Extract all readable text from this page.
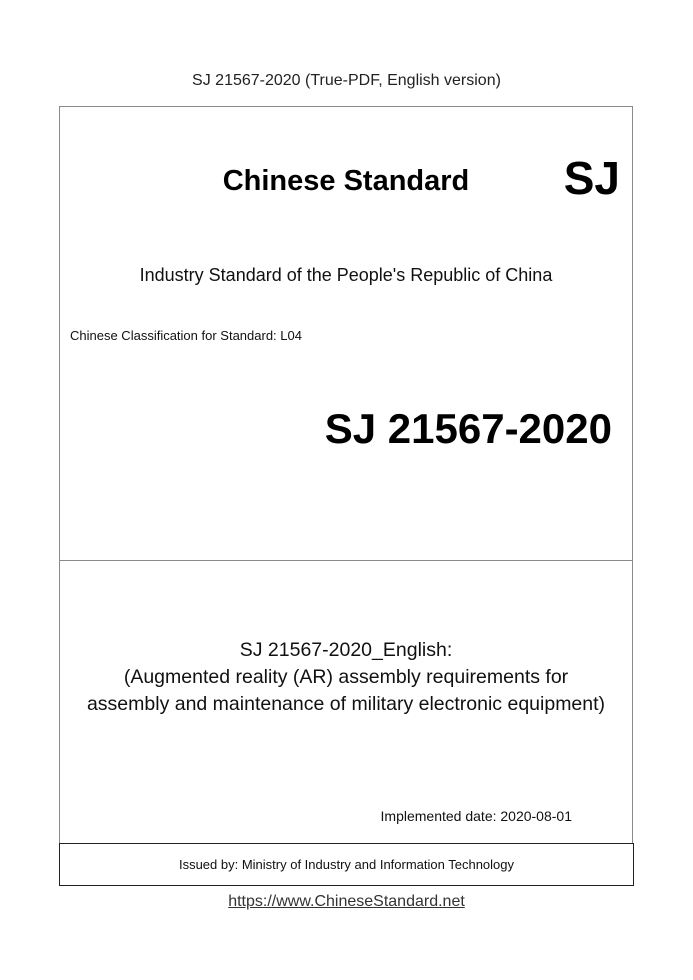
SJ 21567-2020 (True-PDF, English version)
Chinese Standard	SJ
Industry Standard of the People's Republic of China
Chinese Classification for Standard: L04
SJ 21567-2020
SJ 21567-2020_English:
(Augmented reality (AR) assembly requirements for
assembly and maintenance of military electronic equipment)
Implemented date: 2020-08-01
Issued by: Ministry of Industry and Information Technology
https://www.ChineseStandard.net
